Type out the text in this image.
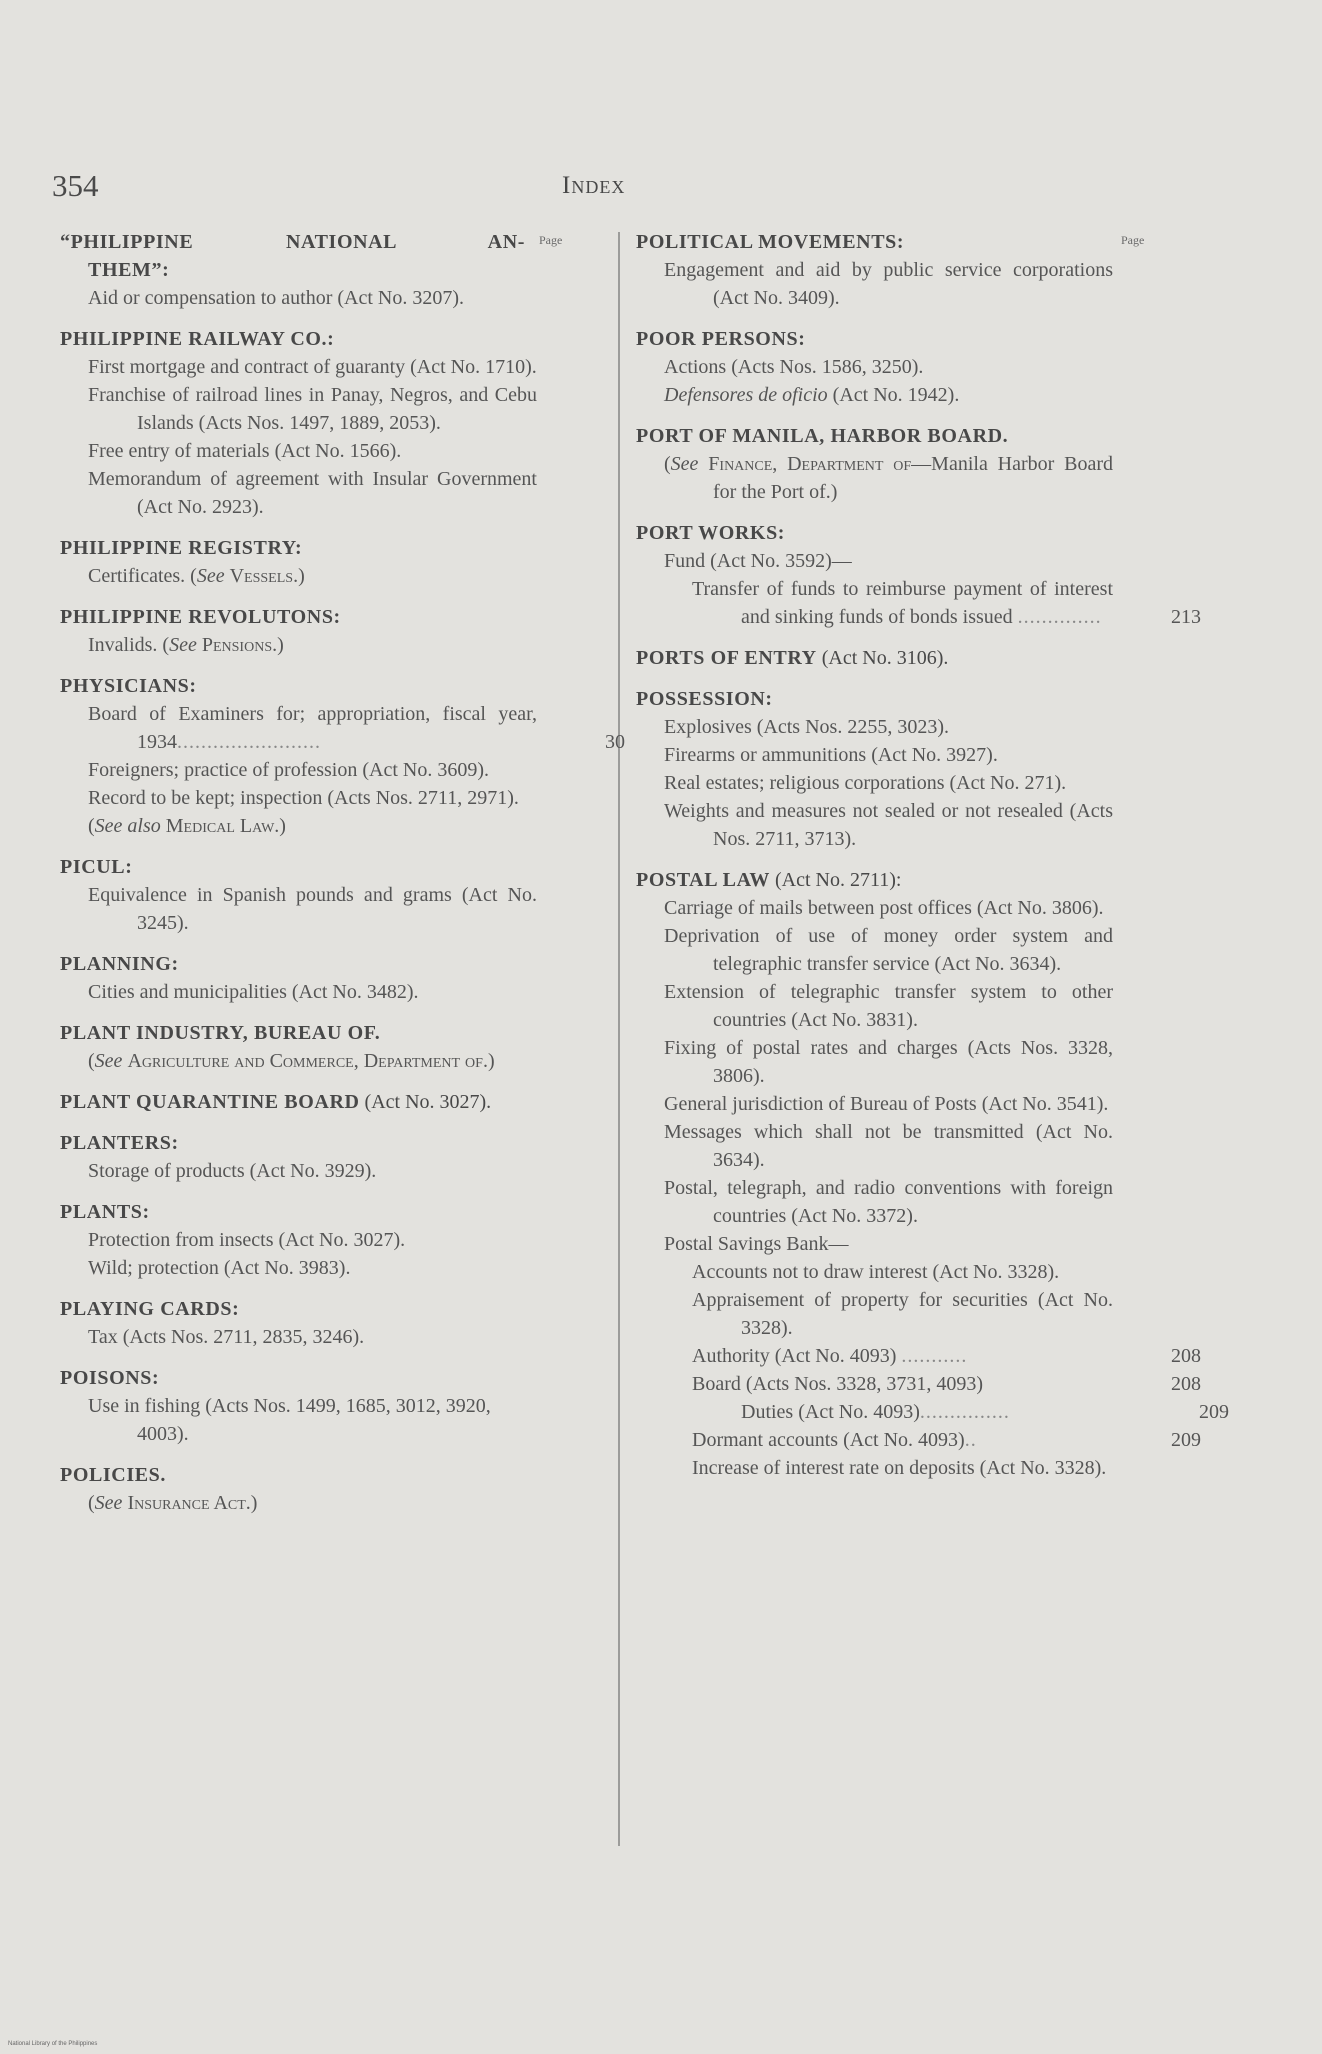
354	Index
Page
“PHILIPPINE NATIONAL AN-
THEM”:
Aid or compensation to author (Act No. 3207).
PHILIPPINE RAILWAY CO.:
First mortgage and contract of guaranty (Act No. 1710).
Franchise of railroad lines in Panay, Negros, and Cebu Islands (Acts Nos. 1497, 1889, 2053).
Free entry of materials (Act No. 1566).
Memorandum of agreement with Insular Government (Act No. 2923).
PHILIPPINE REGISTRY:
Certificates. (See Vessels.)
PHILIPPINE REVOLUTONS:
Invalids. (See Pensions.)
PHYSICIANS:
Board of Examiners for; appropriation, fiscal year, 1934........................	30
Foreigners; practice of profession (Act No. 3609).
Record to be kept; inspection (Acts Nos. 2711, 2971).
(See also Medical Law.)
PICUL:
Equivalence in Spanish pounds and grams (Act No. 3245).
PLANNING:
Cities and municipalities (Act No. 3482).
PLANT INDUSTRY, BUREAU OF.
(See Agriculture and Commerce, Department of.)
PLANT QUARANTINE BOARD (Act No. 3027).
PLANTERS:
Storage of products (Act No. 3929).
PLANTS:
Protection from insects (Act No. 3027).
Wild; protection (Act No. 3983).
PLAYING CARDS:
Tax (Acts Nos. 2711, 2835, 3246).
POISONS:
Use in fishing (Acts Nos. 1499, 1685, 3012, 3920, 4003).
POLICIES.
(See Insurance Act.)
Page
POLITICAL MOVEMENTS:
Engagement and aid by public service corporations (Act No. 3409).
POOR PERSONS:
Actions (Acts Nos. 1586, 3250).
Defensores de oficio (Act No. 1942).
PORT OF MANILA, HARBOR BOARD.
(See Finance, Department of—Manila Harbor Board for the Port of.)
PORT WORKS:
Fund (Act No. 3592)—
Transfer of funds to reimburse payment of interest and sinking funds of bonds issued ..............	213
PORTS OF ENTRY (Act No. 3106).
POSSESSION:
Explosives (Acts Nos. 2255, 3023).
Firearms or ammunitions (Act No. 3927).
Real estates; religious corporations (Act No. 271).
Weights and measures not sealed or not resealed (Acts Nos. 2711, 3713).
POSTAL LAW (Act No. 2711):
Carriage of mails between post offices (Act No. 3806).
Deprivation of use of money order system and telegraphic transfer service (Act No. 3634).
Extension of telegraphic transfer system to other countries (Act No. 3831).
Fixing of postal rates and charges (Acts Nos. 3328, 3806).
General jurisdiction of Bureau of Posts (Act No. 3541).
Messages which shall not be transmitted (Act No. 3634).
Postal, telegraph, and radio conventions with foreign countries (Act No. 3372).
Postal Savings Bank—
Accounts not to draw interest (Act No. 3328).
Appraisement of property for securities (Act No. 3328).
Authority (Act No. 4093) ...........	208
Board (Acts Nos. 3328, 3731, 4093)	208
Duties (Act No. 4093)...............	209
Dormant accounts (Act No. 4093)..	209
Increase of interest rate on deposits (Act No. 3328).
National Library of the Philippines
